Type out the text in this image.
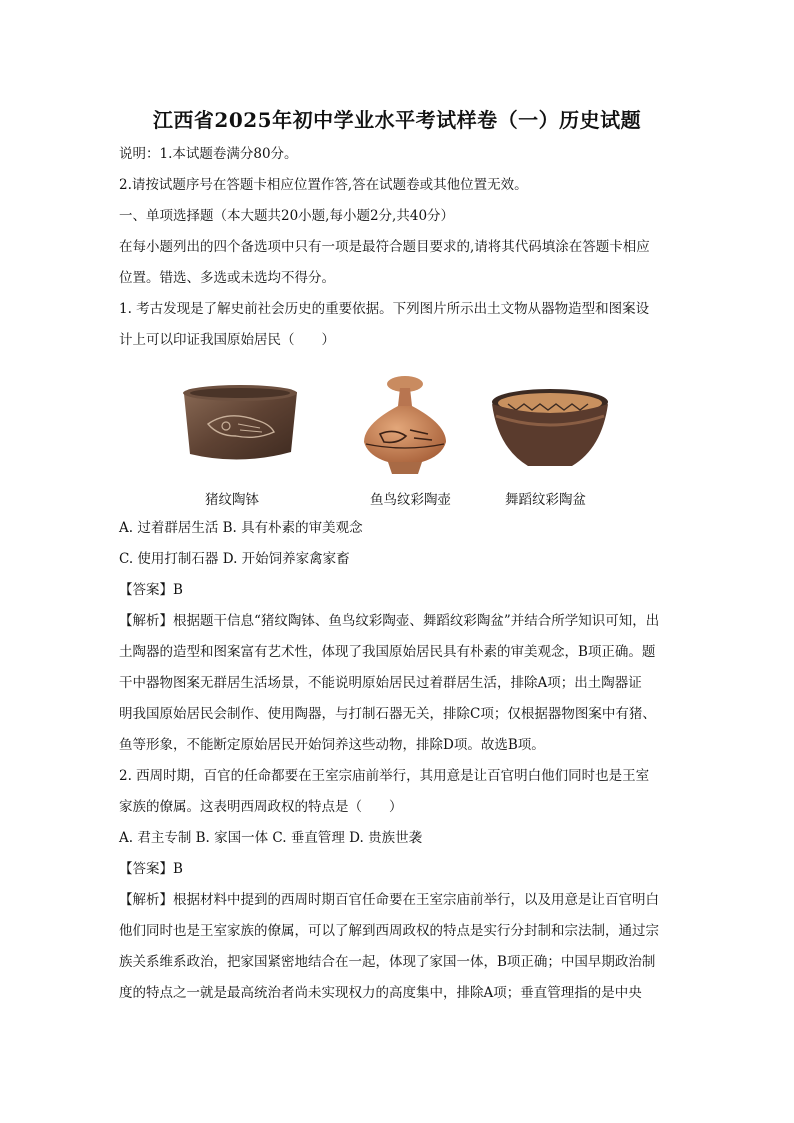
江西省2025年初中学业水平考试样卷（一）历史试题
说明：1.本试题卷满分80分。
2.请按试题序号在答题卡相应位置作答,答在试题卷或其他位置无效。
一、单项选择题（本大题共20小题,每小题2分,共40分）
在每小题列出的四个备选项中只有一项是最符合题目要求的,请将其代码填涂在答题卡相应
位置。错选、多选或未选均不得分。
1. 考古发现是了解史前社会历史的重要依据。下列图片所示出土文物从器物造型和图案设
计上可以印证我国原始居民（　　）
猪纹陶钵	鱼鸟纹彩陶壶	舞蹈纹彩陶盆
A. 过着群居生活 B. 具有朴素的审美观念
C. 使用打制石器 D. 开始饲养家禽家畜
【答案】B
【解析】根据题干信息“猪纹陶钵、鱼鸟纹彩陶壶、舞蹈纹彩陶盆”并结合所学知识可知，出
土陶器的造型和图案富有艺术性，体现了我国原始居民具有朴素的审美观念，B项正确。题
干中器物图案无群居生活场景，不能说明原始居民过着群居生活，排除A项；出土陶器证
明我国原始居民会制作、使用陶器，与打制石器无关，排除C项；仅根据器物图案中有猪、
鱼等形象，不能断定原始居民开始饲养这些动物，排除D项。故选B项。
2. 西周时期，百官的任命都要在王室宗庙前举行，其用意是让百官明白他们同时也是王室
家族的僚属。这表明西周政权的特点是（　　）
A. 君主专制 B. 家国一体 C. 垂直管理 D. 贵族世袭
【答案】B
【解析】根据材料中提到的西周时期百官任命要在王室宗庙前举行，以及用意是让百官明白
他们同时也是王室家族的僚属，可以了解到西周政权的特点是实行分封制和宗法制，通过宗
族关系维系政治，把家国紧密地结合在一起，体现了家国一体，B项正确；中国早期政治制
度的特点之一就是最高统治者尚未实现权力的高度集中，排除A项；垂直管理指的是中央
